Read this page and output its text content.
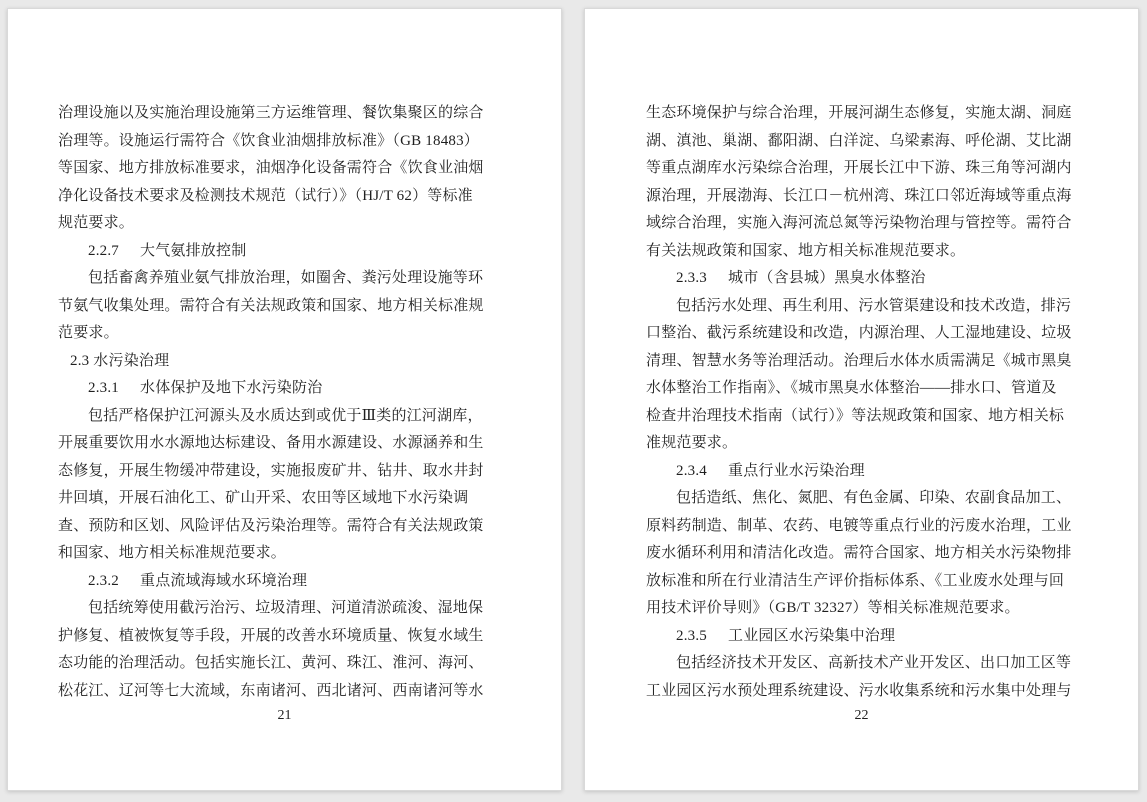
治理设施以及实施治理设施第三方运维管理、餐饮集聚区的综合
治理等。设施运行需符合《饮食业油烟排放标准》（GB 18483）
等国家、地方排放标准要求，油烟净化设备需符合《饮食业油烟
净化设备技术要求及检测技术规范（试行）》（HJ/T 62）等标准
规范要求。
2.2.7 大气氨排放控制
包括畜禽养殖业氨气排放治理，如圈舍、粪污处理设施等环
节氨气收集处理。需符合有关法规政策和国家、地方相关标准规
范要求。
2.3 水污染治理
2.3.1 水体保护及地下水污染防治
包括严格保护江河源头及水质达到或优于Ⅲ类的江河湖库，
开展重要饮用水水源地达标建设、备用水源建设、水源涵养和生
态修复，开展生物缓冲带建设，实施报废矿井、钻井、取水井封
井回填，开展石油化工、矿山开采、农田等区域地下水污染调
查、预防和区划、风险评估及污染治理等。需符合有关法规政策
和国家、地方相关标准规范要求。
2.3.2 重点流域海域水环境治理
包括统筹使用截污治污、垃圾清理、河道清淤疏浚、湿地保
护修复、植被恢复等手段，开展的改善水环境质量、恢复水域生
态功能的治理活动。包括实施长江、黄河、珠江、淮河、海河、
松花江、辽河等七大流域，东南诸河、西北诸河、西南诸河等水
21
生态环境保护与综合治理，开展河湖生态修复，实施太湖、洞庭
湖、滇池、巢湖、鄱阳湖、白洋淀、乌梁素海、呼伦湖、艾比湖
等重点湖库水污染综合治理，开展长江中下游、珠三角等河湖内
源治理，开展渤海、长江口－杭州湾、珠江口邻近海域等重点海
域综合治理，实施入海河流总氮等污染物治理与管控等。需符合
有关法规政策和国家、地方相关标准规范要求。
2.3.3 城市（含县城）黑臭水体整治
包括污水处理、再生利用、污水管渠建设和技术改造，排污
口整治、截污系统建设和改造，内源治理、人工湿地建设、垃圾
清理、智慧水务等治理活动。治理后水体水质需满足《城市黑臭
水体整治工作指南》、《城市黑臭水体整治——排水口、管道及
检查井治理技术指南（试行）》等法规政策和国家、地方相关标
准规范要求。
2.3.4 重点行业水污染治理
包括造纸、焦化、氮肥、有色金属、印染、农副食品加工、
原料药制造、制革、农药、电镀等重点行业的污废水治理，工业
废水循环利用和清洁化改造。需符合国家、地方相关水污染物排
放标准和所在行业清洁生产评价指标体系、《工业废水处理与回
用技术评价导则》（GB/T 32327）等相关标准规范要求。
2.3.5 工业园区水污染集中治理
包括经济技术开发区、高新技术产业开发区、出口加工区等
工业园区污水预处理系统建设、污水收集系统和污水集中处理与
22
